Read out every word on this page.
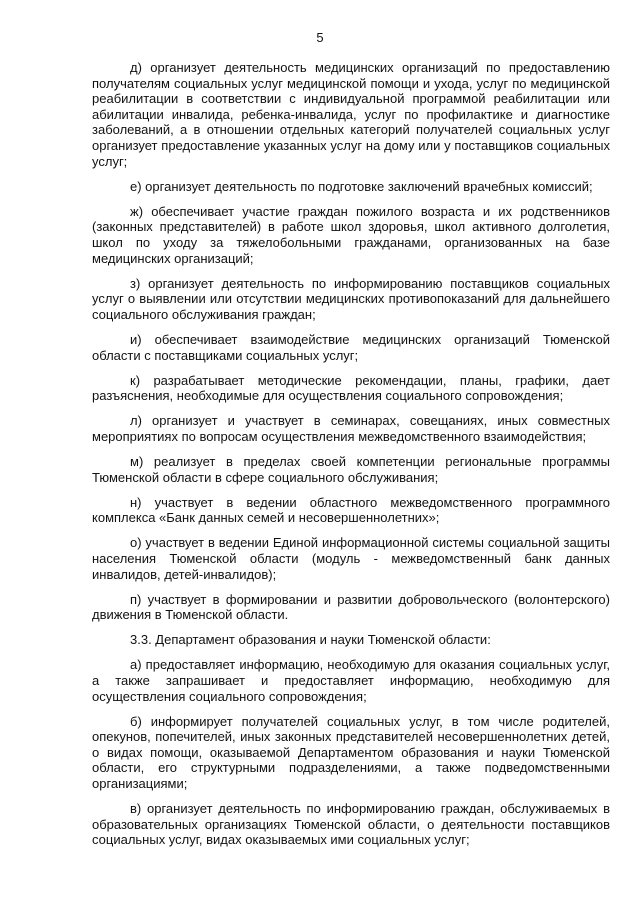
5

д) организует деятельность медицинских организаций по предоставлению получателям социальных услуг медицинской помощи и ухода, услуг по медицинской реабилитации в соответствии с индивидуальной программой реабилитации или абилитации инвалида, ребенка-инвалида, услуг по профилактике и диагностике заболеваний, а в отношении отдельных категорий получателей социальных услуг организует предоставление указанных услуг на дому или у поставщиков социальных услуг;

е) организует деятельность по подготовке заключений врачебных комиссий;

ж) обеспечивает участие граждан пожилого возраста и их родственников (законных представителей) в работе школ здоровья, школ активного долголетия, школ по уходу за тяжелобольными гражданами, организованных на базе медицинских организаций;

з) организует деятельность по информированию поставщиков социальных услуг о выявлении или отсутствии медицинских противопоказаний для дальнейшего социального обслуживания граждан;

и) обеспечивает взаимодействие медицинских организаций Тюменской области с поставщиками социальных услуг;

к) разрабатывает методические рекомендации, планы, графики, дает разъяснения, необходимые для осуществления социального сопровождения;

л) организует и участвует в семинарах, совещаниях, иных совместных мероприятиях по вопросам осуществления межведомственного взаимодействия;

м) реализует в пределах своей компетенции региональные программы Тюменской области в сфере социального обслуживания;

н) участвует в ведении областного межведомственного программного комплекса «Банк данных семей и несовершеннолетних»;

о) участвует в ведении Единой информационной системы социальной защиты населения Тюменской области (модуль - межведомственный банк данных инвалидов, детей-инвалидов);

п) участвует в формировании и развитии добровольческого (волонтерского) движения в Тюменской области.

3.3. Департамент образования и науки Тюменской области:

а) предоставляет информацию, необходимую для оказания социальных услуг, а также запрашивает и предоставляет информацию, необходимую для осуществления социального сопровождения;

б) информирует получателей социальных услуг, в том числе родителей, опекунов, попечителей, иных законных представителей несовершеннолетних детей, о видах помощи, оказываемой Департаментом образования и науки Тюменской области, его структурными подразделениями, а также подведомственными организациями;

в) организует деятельность по информированию граждан, обслуживаемых в образовательных организациях Тюменской области, о деятельности поставщиков социальных услуг, видах оказываемых ими социальных услуг;
